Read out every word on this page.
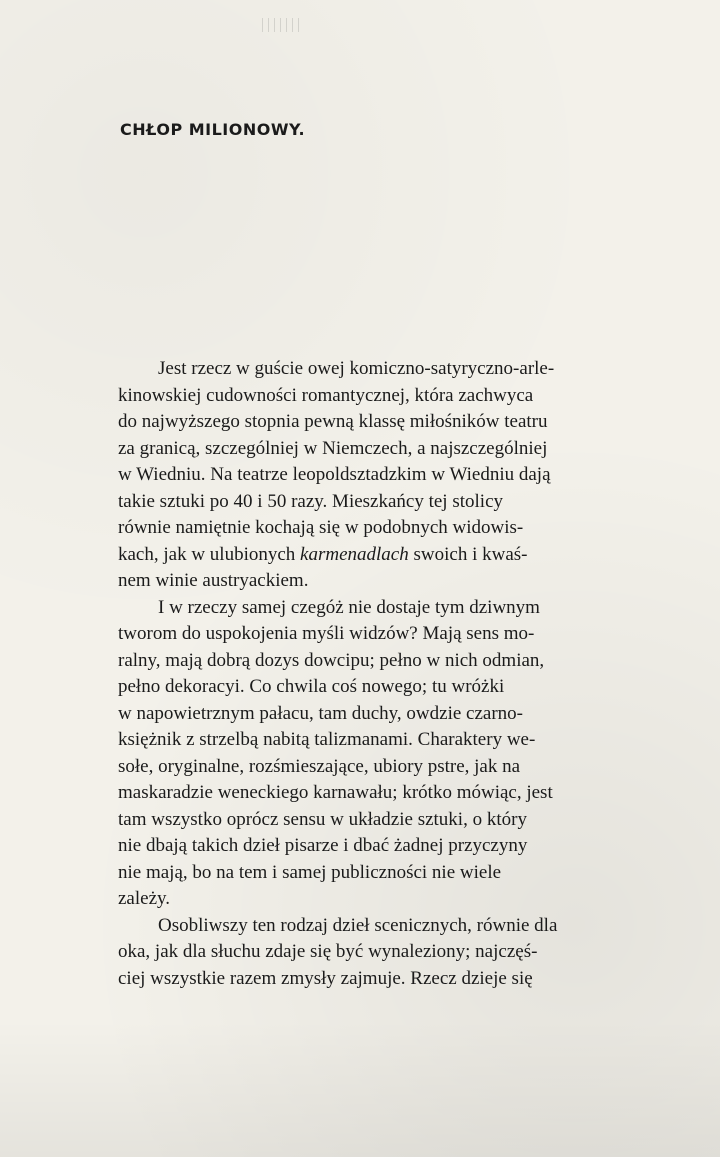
CHŁOP MILIONOWY.

Jest rzecz w guście owej komiczno-satyryczno-arle-
kinowskiej cudowności romantycznej, która zachwyca
do najwyższego stopnia pewną klassę miłośników teatru
za granicą, szczególniej w Niemczech, a najszczególniej
w Wiedniu. Na teatrze leopoldsztadzkim w Wiedniu dają
takie sztuki po 40 i 50 razy. Mieszkańcy tej stolicy
równie namiętnie kochają się w podobnych widowis-
kach, jak w ulubionych karmenadlach swoich i kwaś-
nem winie austryackiem.

I w rzeczy samej czegóż nie dostaje tym dziwnym
tworom do uspokojenia myśli widzów? Mają sens mo-
ralny, mają dobrą dozys dowcipu; pełno w nich odmian,
pełno dekoracyi. Co chwila coś nowego; tu wróżki
w napowietrznym pałacu, tam duchy, owdzie czarno-
księżnik z strzelbą nabitą talizmanami. Charaktery we-
sołe, oryginalne, rozśmieszające, ubiory pstre, jak na
maskaradzie weneckiego karnawału; krótko mówiąc, jest
tam wszystko oprócz sensu w układzie sztuki, o który
nie dbają takich dzieł pisarze i dbać żadnej przyczyny
nie mają, bo na tem i samej publiczności nie wiele
zależy.

Osobliwszy ten rodzaj dzieł scenicznych, równie dla
oka, jak dla słuchu zdaje się być wynaleziony; najczęś-
ciej wszystkie razem zmysły zajmuje. Rzecz dzieje się
